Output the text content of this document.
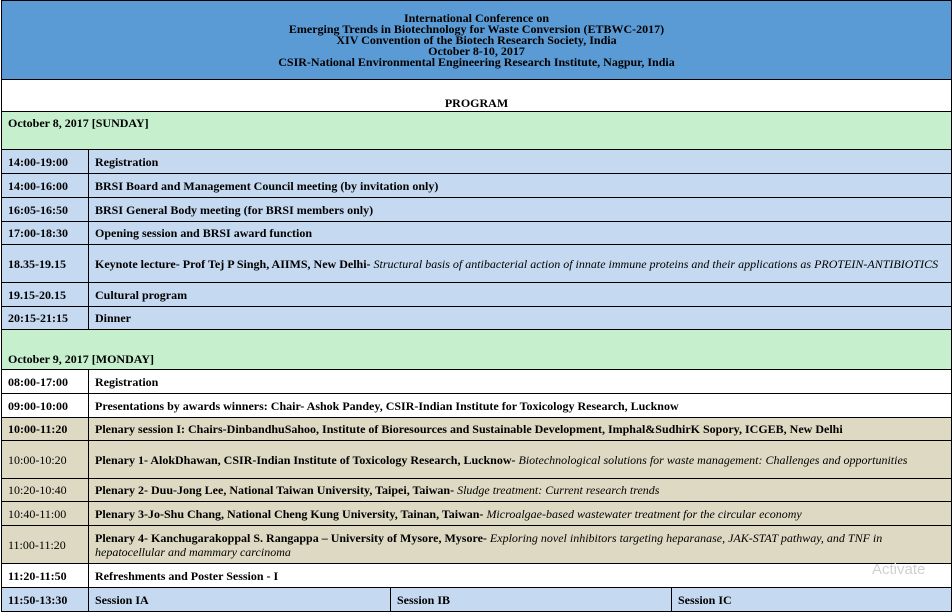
International Conference on
Emerging Trends in Biotechnology for Waste Conversion (ETBWC-2017)
XIV Convention of the Biotech Research Society, India
October 8-10, 2017
CSIR-National Environmental Engineering Research Institute, Nagpur, India			

PROGRAM			
October 8, 2017 [SUNDAY]			
14:00-19:00	Registration		
14:00-16:00	BRSI Board and Management Council meeting (by invitation only)		
16:05-16:50	BRSI General Body meeting (for BRSI members only)		
17:00-18:30	Opening session and BRSI award function		
18.35-19.15	Keynote lecture- Prof Tej P Singh, AIIMS, New Delhi- Structural basis of antibacterial action of innate immune proteins and their applications as PROTEIN-ANTIBIOTICS		
19.15-20.15	Cultural program		
20:15-21:15	Dinner		
October 9, 2017 [MONDAY]			
08:00-17:00	Registration		
09:00-10:00	Presentations by awards winners: Chair- Ashok Pandey, CSIR-Indian Institute for Toxicology Research, Lucknow		
10:00-11:20	Plenary session I: Chairs-DinbandhuSahoo, Institute of Bioresources and Sustainable Development, Imphal&SudhirK Sopory, ICGEB, New Delhi		
10:00-10:20	Plenary 1- AlokDhawan, CSIR-Indian Institute of Toxicology Research, Lucknow- Biotechnological solutions for waste management: Challenges and opportunities		
10:20-10:40	Plenary 2- Duu-Jong Lee, National Taiwan University, Taipei, Taiwan- Sludge treatment: Current research trends		
10:40-11:00	Plenary 3-Jo-Shu Chang, National Cheng Kung University, Tainan, Taiwan- Microalgae-based wastewater treatment for the circular economy		
11:00-11:20	Plenary 4- Kanchugarakoppal S. Rangappa – University of Mysore, Mysore- Exploring novel inhibitors targeting heparanase, JAK-STAT pathway, and TNF in hepatocellular and mammary carcinoma		
11:20-11:50	Refreshments and Poster Session - I		
11:50-13:30	Session IA	Session IB	Session IC
Activate
